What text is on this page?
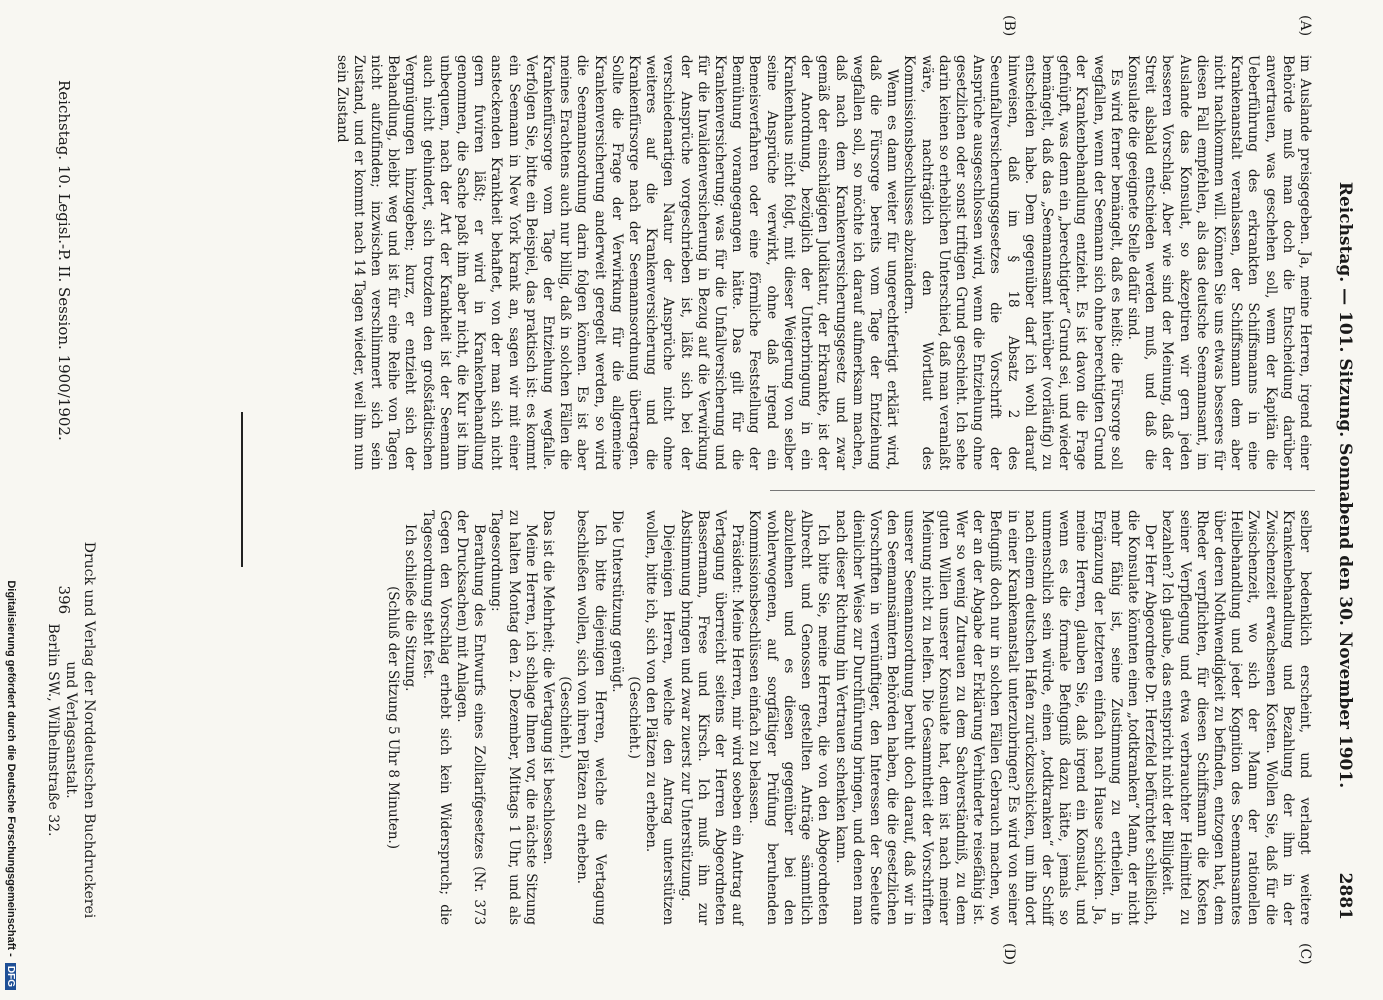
Reichstag. — 101. Sitzung. Sonnabend den 30. November 1901.
2881
(A)
(B)
(C)
(D)

im Auslande preisgegeben. Ja, meine Herren, irgend einer Behörde muß man doch die Entscheidung darüber anvertrauen, was geschehen soll, wenn der Kapitän die Ueberführung des erkrankten Schiffsmanns in eine Krankenanstalt veranlassen, der Schiffsmann dem aber nicht nachkommen will. Können Sie uns etwas besseres für diesen Fall empfehlen, als das deutsche Seemannsamt, im Auslande das Konsulat, so akzeptiren wir gern jeden besseren Vorschlag. Aber wie sind der Meinung, daß der Streit alsbald entschieden werden muß, und daß die Konsulate die geeignete Stelle dafür sind.

Es wird ferner bemängelt, daß es heißt: die Fürsorge soll wegfallen, wenn der Seemann sich ohne berechtigten Grund der Krankenbehandlung entzieht. Es ist davon die Frage gefnüpft, was denn ein „berechtigter“ Grund sei, und wieder bemängelt, daß das „Seemannsamt hierüber (vorläufig) zu entscheiden habe. Dem gegenüber darf ich wohl darauf hinweisen, daß im § 18 Absatz 2 des Seeunfallversicherungsgesetzes die Vorschrift der Ansprüche ausgeschlossen wird, wenn die Entziehung ohne gesetzlichen oder sonst triftigen Grund geschieht. Ich sehe darin keinen so erheblichen Unterschied, daß man veranlaßt wäre, nachträglich den Wortlaut des Kommissionsbeschlusses abzuändern.

Wenn es dann weiter für ungerechtfertigt erklärt wird, daß die Fürsorge bereits vom Tage der Entziehung wegfallen soll, so möchte ich darauf aufmerksam machen, daß nach dem Krankenversicherungsgesetz und zwar gemäß der einschlägigen Judikatur, der Erkrankte, ist der der Anordnung, bezüglich der Unterbringung in ein Krankenhaus nicht folgt, mit dieser Weigerung von selber seine Ansprüche verwirkt, ohne daß irgend ein Bemeisverfahren oder eine förmliche Feststellung der Bemühung vorangegangen hätte. Das gilt für die Krankenversicherung; was für die Unfallversicherung und für die Invalidenversicherung in Bezug auf die Verwirkung der Ansprüche vorgeschrieben ist, läßt sich bei der verschiedenartigen Natur der Ansprüche nicht ohne weiteres auf die Krankenversicherung und die Krankenfürsorge nach der Seemannsordnung übertragen. Sollte die Frage der Verwirkung für die allgemeine Krankenversicherung anderweit geregelt werden, so wird die Seemannsordnung darin folgen können. Es ist aber meines Erachtens auch nur billig, daß in solchen Fällen die Krankenfürsorge vom Tage der Entziehung wegfalle. Verfolgen Sie, bitte ein Beispiel, das praktisch ist: es kommt ein Seemann in New York krank an, sagen wir mit einer ansteckenden Krankheit behaftet, von der man sich nicht gern fuviren läßt; er wird in Krankenbehandlung genommen, die Sache paßt ihm aber nicht, die Kur ist ihm unbequem, nach der Art der Krankheit ist der Seemann auch nicht gehindert, sich trotzdem den großstädtischen Vergnügungen hinzugeben; kurz, er entzieht sich der Behandlung, bleibt weg und ist für eine Reihe von Tagen nicht aufzufinden; inzwischen verschlimmert sich sein Zustand, und er kommt nach 14 Tagen wieder, weil ihm nun sein Zustand

selber bedenklich erscheint, und verlangt weitere Krankenbehandlung und Bezahlung der ihm in der Zwischenzeit erwachsenen Kosten. Wollen Sie, daß für die Zwischenzeit, wo sich der Mann der rationellen Heilbehandlung und jeder Kognition des Seemannsamtes über deren Nothwendigkeit zu befinden, entzogen hat, dem Rheder verpflichten, für diesen Schiffsmann die Kosten seiner Verpflegung und etwa verbrauchter Heilmittel zu bezahlen? Ich glaube, das entspricht nicht der Billigkeit.

Der Herr Abgeordnete Dr. Herzfeld befürchtet schließlich, die Konsulate könnten einen „todtkranken“ Mann, der nicht mehr fähig ist, seine Zustimmung zu ertheilen, in Ergänzung der letzteren einfach nach Hause schicken. Ja, meine Herren, glauben Sie, daß irgend ein Konsulat, und wenn es die formale Befugniß dazu hätte, jemals so unmenschlich sein würde, einen „todtkranken“ der Schiff nach einem deutschen Hafen zurückzuschicken, um ihn dort in einer Krankenanstalt unterzubringen? Es wird von seiner Befugniß doch nur in solchen Fällen Gebrauch machen, wo der an der Abgabe der Erklärung Verhinderte reisefähig ist. Wer so wenig Zutrauen zu dem Sachverständniß, zu dem guten Willen unserer Konsulate hat, dem ist nach meiner Meinung nicht zu helfen. Die Gesammtheit der Vorschriften unserer Seemannsordnung beruht doch darauf, daß wir in den Seemannsämtern Behörden haben, die die gesetzlichen Vorschriften in vernünftiger, den Interessen der Seeleute dienlicher Weise zur Durchführung bringen, und denen man nach dieser Richtung hin Vertrauen schenken kann.

Ich bitte Sie, meine Herren, die von den Abgeordneten Albrecht und Genossen gestellten Anträge sämmtlich abzulehnen und es diesen gegenüber bei den wohlerwogenen, auf sorgfältiger Prüfung beruhenden Kommissionsbeschlüssen einfach zu belassen.

Präsident: Meine Herren, mir wird soeben ein Antrag auf Vertagung überreicht seitens der Herren Abgeordneten Bassermann, Frese und Kirsch. Ich muß ihn zur Abstimmung bringen und zwar zuerst zur Unterstützung.

Diejenigen Herren, welche den Antrag unterstützen wollen, bitte ich, sich von den Plätzen zu erheben.

(Geschieht.)

Die Unterstützung genügt.

Ich bitte diejenigen Herren, welche die Vertagung beschließen wollen, sich von ihren Plätzen zu erheben.

(Geschieht.)

Das ist die Mehrheit; die Vertagung ist beschlossen.

Meine Herren, ich schlage Ihnen vor, die nächste Sitzung zu halten Montag den 2. Dezember, Mittags 1 Uhr, und als Tagesordnung:

Berathung des Entwurfs eines Zolltarifgesetzes (Nr. 373 der Drucksachen) mit Anlagen.

Gegen den Vorschlag erhebt sich kein Widerspruch; die Tagesordnung steht fest.

Ich schließe die Sitzung.

(Schluß der Sitzung 5 Uhr 8 Minuten.)

Reichstag. 10. Legisl.-P. II. Session. 1900/1902. 396 Druck und Verlag der Norddeutschen Buchdruckerei und Verlagsanstalt.
Berlin SW., Wilhelmstraße 32.
Digitalisierung gefördert durch die Deutsche Forschungsgemeinschaft - DFG
